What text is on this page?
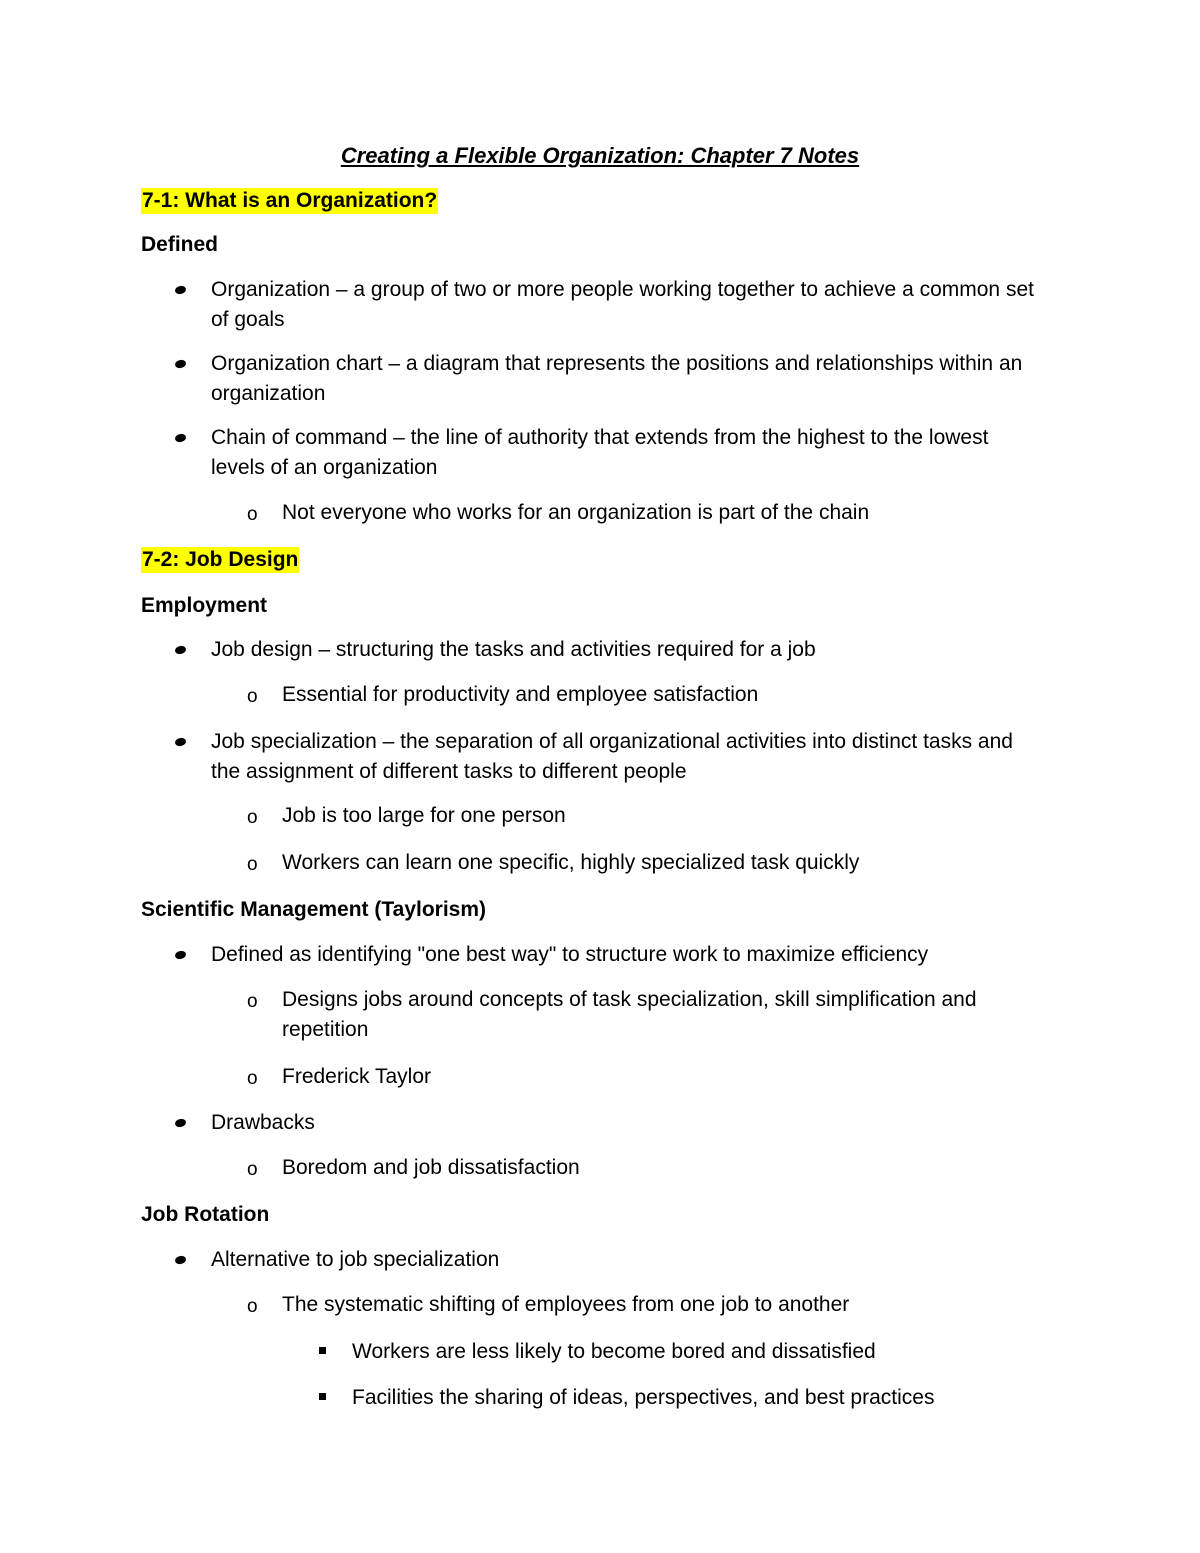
Creating a Flexible Organization: Chapter 7 Notes
7-1: What is an Organization?
Defined

Organization – a group of two or more people working together to achieve a common set of goals

Organization chart – a diagram that represents the positions and relationships within an organization

Chain of command – the line of authority that extends from the highest to the lowest levels of an organization

o Not everyone who works for an organization is part of the chain

7-2: Job Design
Employment

Job design – structuring the tasks and activities required for a job

o Essential for productivity and employee satisfaction

Job specialization – the separation of all organizational activities into distinct tasks and the assignment of different tasks to different people

o Job is too large for one person

o Workers can learn one specific, highly specialized task quickly

Scientific Management (Taylorism)

Defined as identifying "one best way" to structure work to maximize efficiency

o Designs jobs around concepts of task specialization, skill simplification and repetition

o Frederick Taylor

Drawbacks

o Boredom and job dissatisfaction

Job Rotation

Alternative to job specialization

o The systematic shifting of employees from one job to another

Workers are less likely to become bored and dissatisfied

Facilities the sharing of ideas, perspectives, and best practices
